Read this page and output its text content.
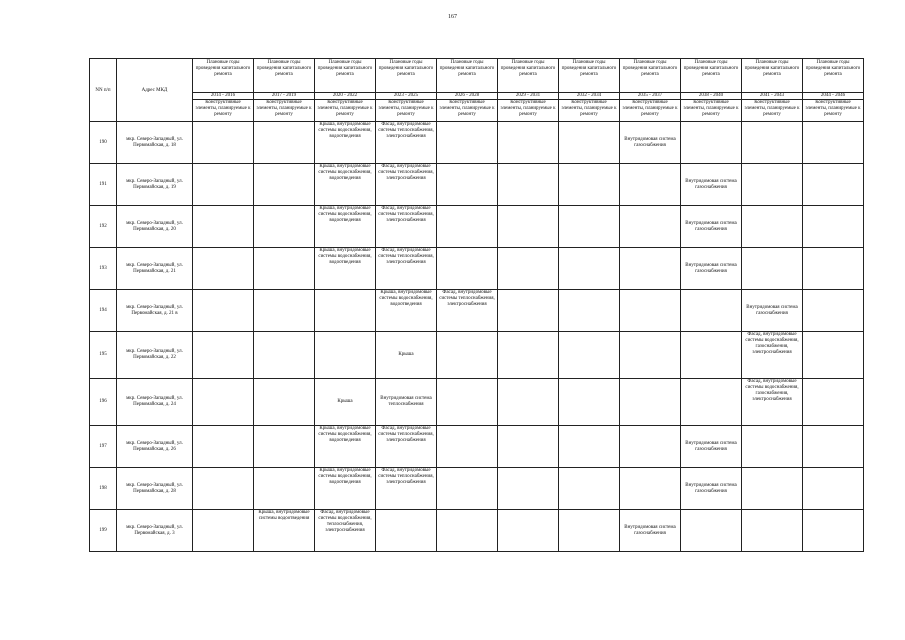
167
NN п/п	Адрес МКД	Плановые годы проведения капитального ремонта	Плановые годы проведения капитального ремонта	Плановые годы проведения капитального ремонта	Плановые годы проведения капитального ремонта	Плановые годы проведения капитального ремонта	Плановые годы проведения капитального ремонта	Плановые годы проведения капитального ремонта	Плановые годы проведения капитального ремонта	Плановые годы проведения капитального ремонта	Плановые годы проведения капитального ремонта	Плановые годы проведения капитального ремонта
		2014 - 2016	2017 - 2019	2020 - 2022	2023 - 2025	2026 - 2028	2029 - 2031	2032 - 2034	2035 - 2037	2038 - 2040	2041 - 2043	2044 - 2046
		Конструктивные элементы, планируемые к ремонту	Конструктивные элементы, планируемые к ремонту	Конструктивные элементы, планируемые к ремонту	Конструктивные элементы, планируемые к ремонту	Конструктивные элементы, планируемые к ремонту	Конструктивные элементы, планируемые к ремонту	Конструктивные элементы, планируемые к ремонту	Конструктивные элементы, планируемые к ремонту	Конструктивные элементы, планируемые к ремонту	Конструктивные элементы, планируемые к ремонту	Конструктивные элементы, планируемые к ремонту
190	мкр. Северо-Западный, ул. Первомайская, д. 18			Крыша, внутридомовые системы водоснабжения, водоотведения	Фасад, внутридомовые системы теплоснабжения, электроснабжения				Внутридомовая система газоснабжения			
191	мкр. Северо-Западный, ул. Первомайская, д. 19			Крыша, внутридомовые системы водоснабжения, водоотведения	Фасад, внутридомовые системы теплоснабжения, электроснабжения					Внутридомовая система газоснабжения		
192	мкр. Северо-Западный, ул. Первомайская, д. 20			Крыша, внутридомовые системы водоснабжения, водоотведения	Фасад, внутридомовые системы теплоснабжения, электроснабжения					Внутридомовая система газоснабжения		
193	мкр. Северо-Западный, ул. Первомайская, д. 21			Крыша, внутридомовые системы водоснабжения, водоотведения	Фасад, внутридомовые системы теплоснабжения, электроснабжения					Внутридомовая система газоснабжения		
194	мкр. Северо-Западный, ул. Первомайская, д. 21 в				Крыша, внутридомовые системы водоснабжения, водоотведения	Фасад, внутридомовые системы теплоснабжения, электроснабжения					Внутридомовая система газоснабжения	
195	мкр. Северо-Западный, ул. Первомайская, д. 22				Крыша						Фасад, внутридомовые системы водоснабжения, газоснабжения, электроснабжения	
196	мкр. Северо-Западный, ул. Первомайская, д. 24			Крыша	Внутридомовая система теплоснабжения						Фасад, внутридомовые системы водоснабжения, газоснабжения, электроснабжения	
197	мкр. Северо-Западный, ул. Первомайская, д. 26			Крыша, внутридомовые системы водоснабжения, водоотведения	Фасад, внутридомовые системы теплоснабжения, электроснабжения					Внутридомовая система газоснабжения		
198	мкр. Северо-Западный, ул. Первомайская, д. 28			Крыша, внутридомовые системы водоснабжения, водоотведения	Фасад, внутридомовые системы теплоснабжения, электроснабжения					Внутридомовая система газоснабжения		
199	мкр. Северо-Западный, ул. Первомайская, д. 3		Крыша, внутридомовые системы водоотведения	Фасад, внутридомовые системы водоснабжения, теплоснабжения, электроснабжения					Внутридомовая система газоснабжения			
